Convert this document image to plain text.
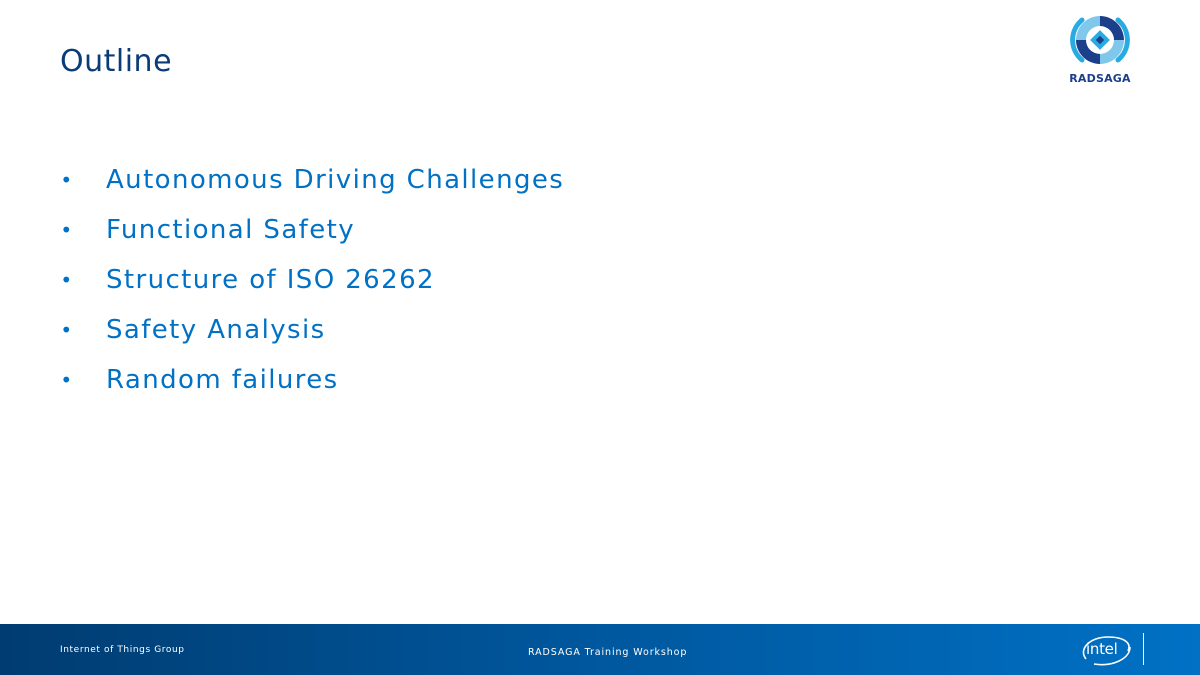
Outline	RADSAGA
• Autonomous Driving Challenges
• Functional Safety
• Structure of ISO 26262
• Safety Analysis
• Random failures
Internet of Things Group	RADSAGA Training Workshop	intel
